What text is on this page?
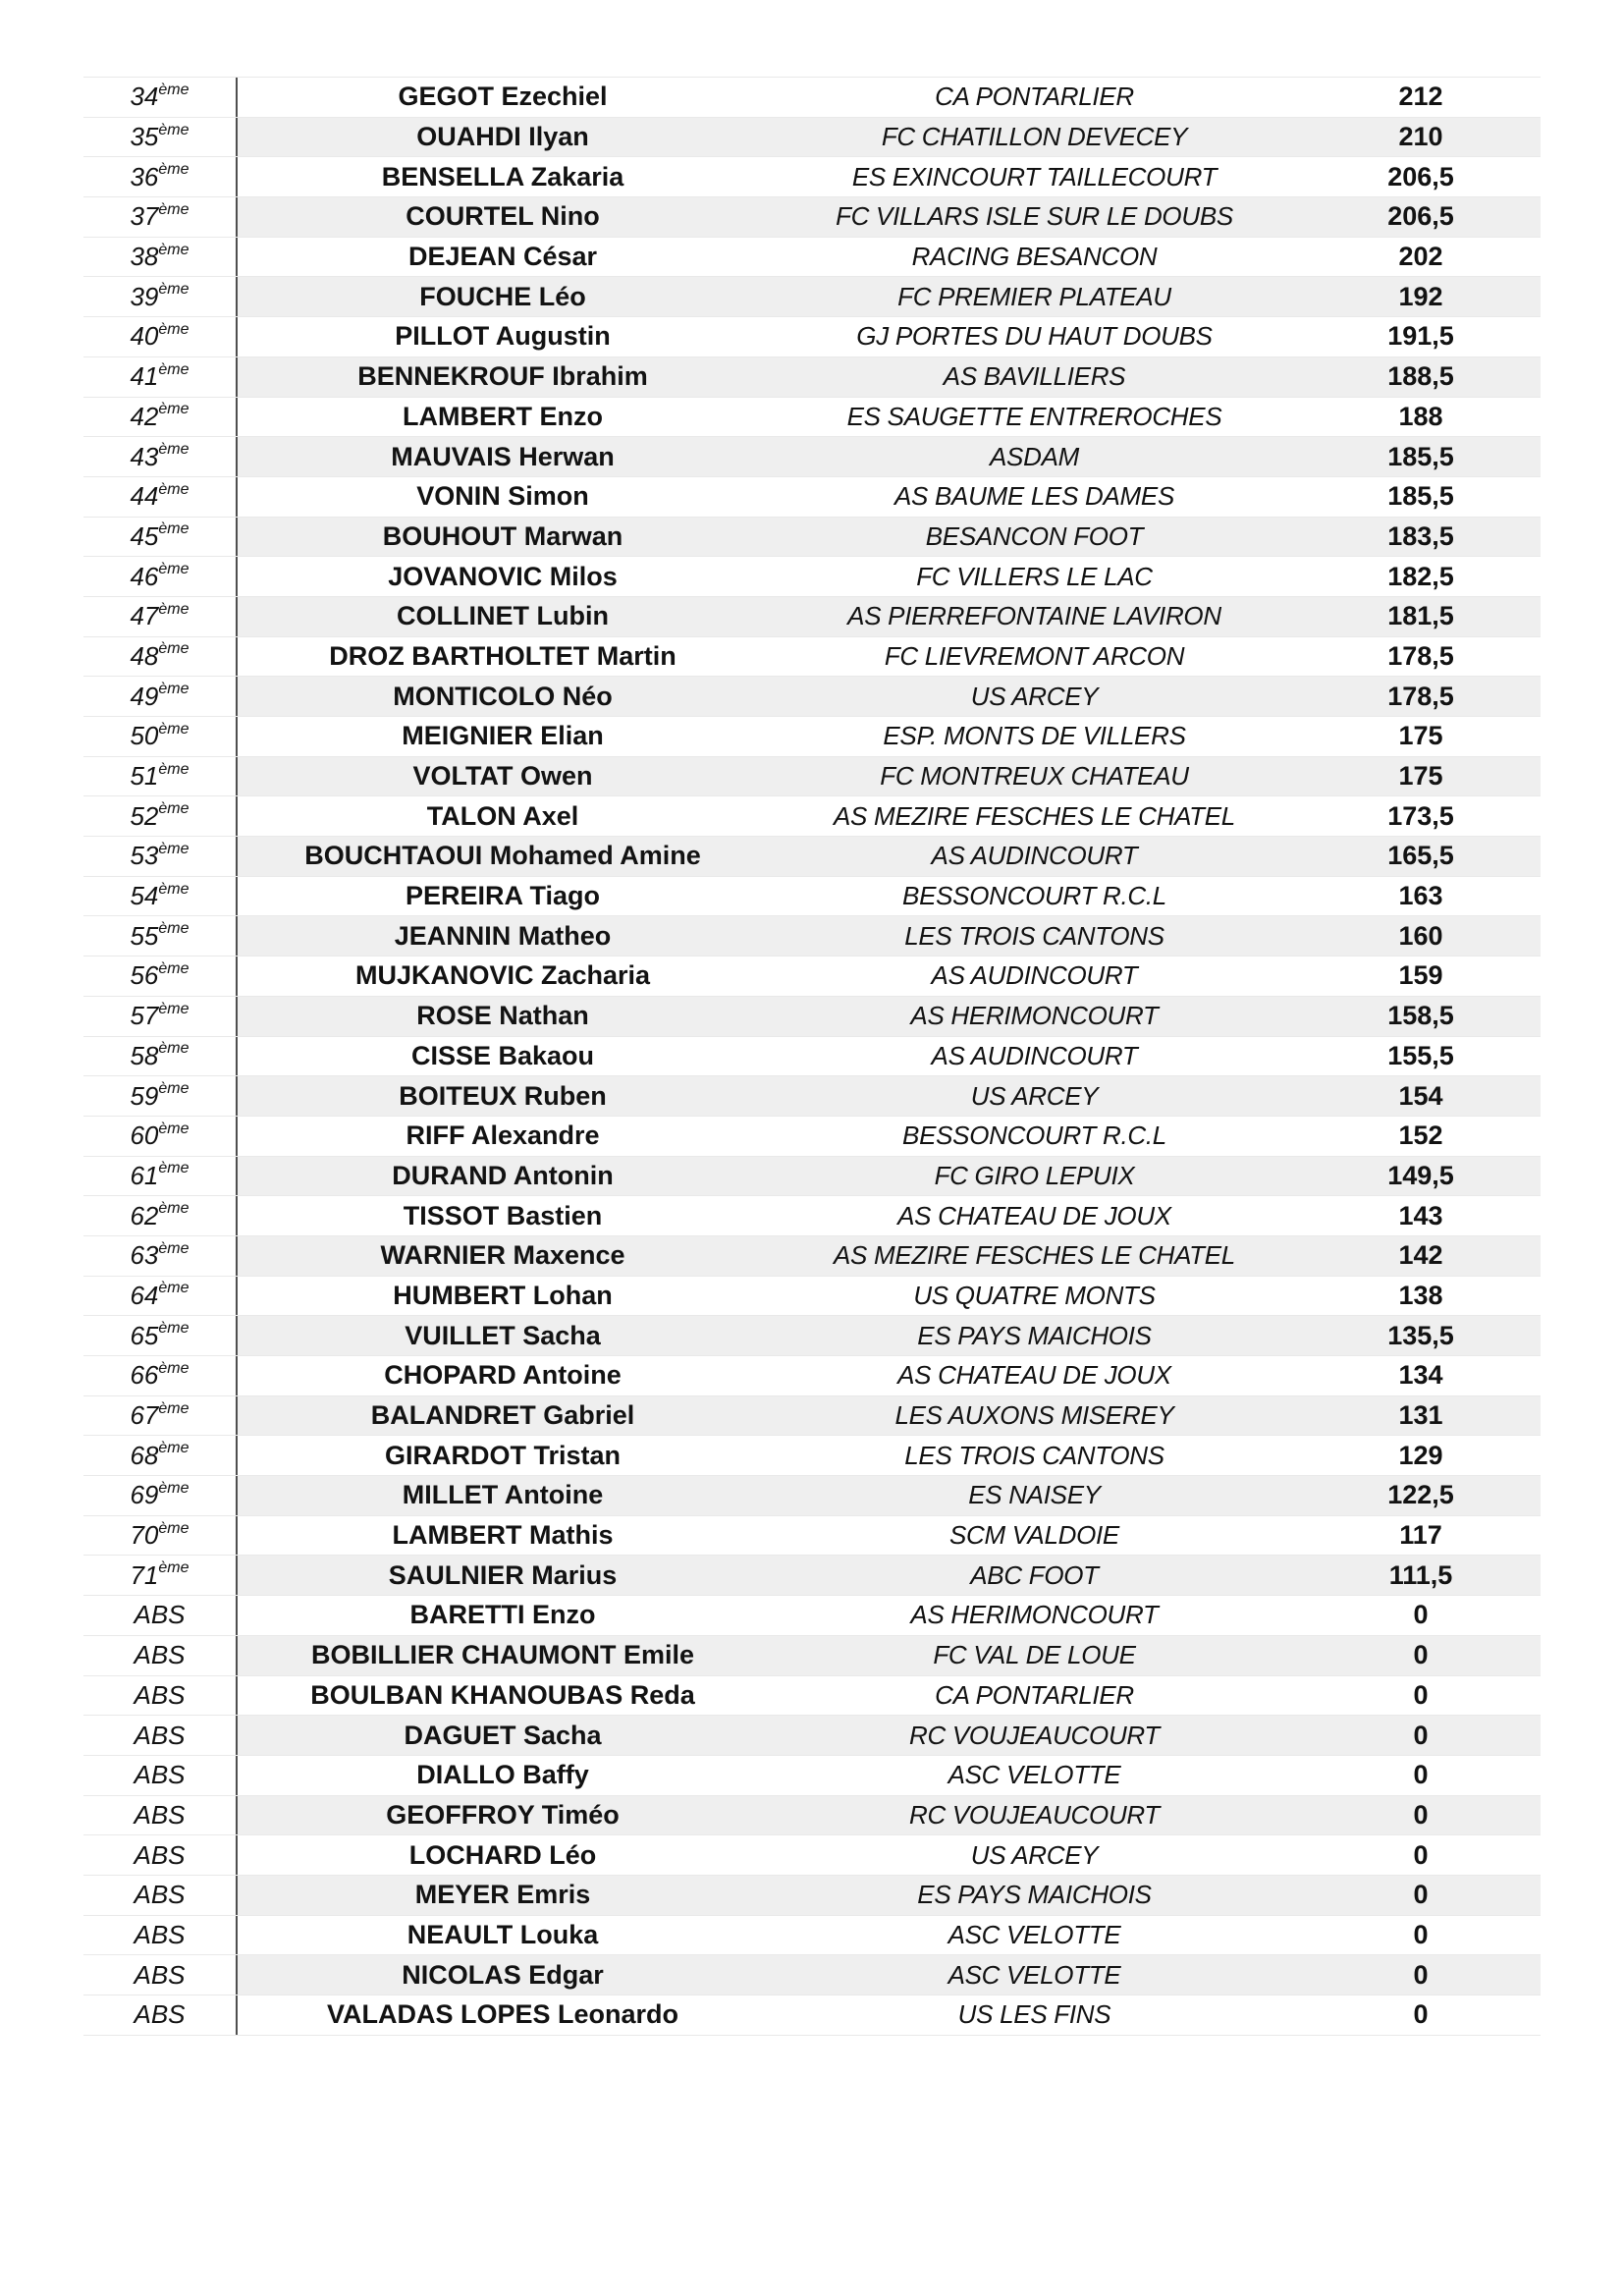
34 ème	GEGOT Ezechiel	CA PONTARLIER	212
35 ème	OUAHDI Ilyan	FC CHATILLON DEVECEY	210
36 ème	BENSELLA Zakaria	ES EXINCOURT TAILLECOURT	206,5
37 ème	COURTEL Nino	FC VILLARS ISLE SUR LE DOUBS	206,5
38 ème	DEJEAN César	RACING BESANCON	202
39 ème	FOUCHE Léo	FC PREMIER PLATEAU	192
40 ème	PILLOT Augustin	GJ PORTES DU HAUT DOUBS	191,5
41 ème	BENNEKROUF Ibrahim	AS BAVILLIERS	188,5
42 ème	LAMBERT Enzo	ES SAUGETTE ENTREROCHES	188
43 ème	MAUVAIS Herwan	ASDAM	185,5
44 ème	VONIN Simon	AS BAUME LES DAMES	185,5
45 ème	BOUHOUT Marwan	BESANCON FOOT	183,5
46 ème	JOVANOVIC Milos	FC VILLERS LE LAC	182,5
47 ème	COLLINET Lubin	AS PIERREFONTAINE LAVIRON	181,5
48 ème	DROZ BARTHOLTET Martin	FC LIEVREMONT ARCON	178,5
49 ème	MONTICOLO Néo	US ARCEY	178,5
50 ème	MEIGNIER Elian	ESP. MONTS DE VILLERS	175
51 ème	VOLTAT Owen	FC MONTREUX CHATEAU	175
52 ème	TALON Axel	AS MEZIRE FESCHES LE CHATEL	173,5
53 ème	BOUCHTAOUI Mohamed Amine	AS AUDINCOURT	165,5
54 ème	PEREIRA Tiago	BESSONCOURT R.C.L	163
55 ème	JEANNIN Matheo	LES TROIS CANTONS	160
56 ème	MUJKANOVIC Zacharia	AS AUDINCOURT	159
57 ème	ROSE Nathan	AS HERIMONCOURT	158,5
58 ème	CISSE Bakaou	AS AUDINCOURT	155,5
59 ème	BOITEUX Ruben	US ARCEY	154
60 ème	RIFF Alexandre	BESSONCOURT R.C.L	152
61 ème	DURAND Antonin	FC GIRO LEPUIX	149,5
62 ème	TISSOT Bastien	AS CHATEAU DE JOUX	143
63 ème	WARNIER Maxence	AS MEZIRE FESCHES LE CHATEL	142
64 ème	HUMBERT Lohan	US QUATRE MONTS	138
65 ème	VUILLET Sacha	ES PAYS MAICHOIS	135,5
66 ème	CHOPARD Antoine	AS CHATEAU DE JOUX	134
67 ème	BALANDRET Gabriel	LES AUXONS MISEREY	131
68 ème	GIRARDOT Tristan	LES TROIS CANTONS	129
69 ème	MILLET Antoine	ES NAISEY	122,5
70 ème	LAMBERT Mathis	SCM VALDOIE	117
71 ème	SAULNIER Marius	ABC FOOT	111,5
ABS	BARETTI Enzo	AS HERIMONCOURT	0
ABS	BOBILLIER CHAUMONT Emile	FC VAL DE LOUE	0
ABS	BOULBAN KHANOUBAS Reda	CA PONTARLIER	0
ABS	DAGUET Sacha	RC VOUJEAUCOURT	0
ABS	DIALLO Baffy	ASC VELOTTE	0
ABS	GEOFFROY Timéo	RC VOUJEAUCOURT	0
ABS	LOCHARD Léo	US ARCEY	0
ABS	MEYER Emris	ES PAYS MAICHOIS	0
ABS	NEAULT Louka	ASC VELOTTE	0
ABS	NICOLAS Edgar	ASC VELOTTE	0
ABS	VALADAS LOPES Leonardo	US LES FINS	0
